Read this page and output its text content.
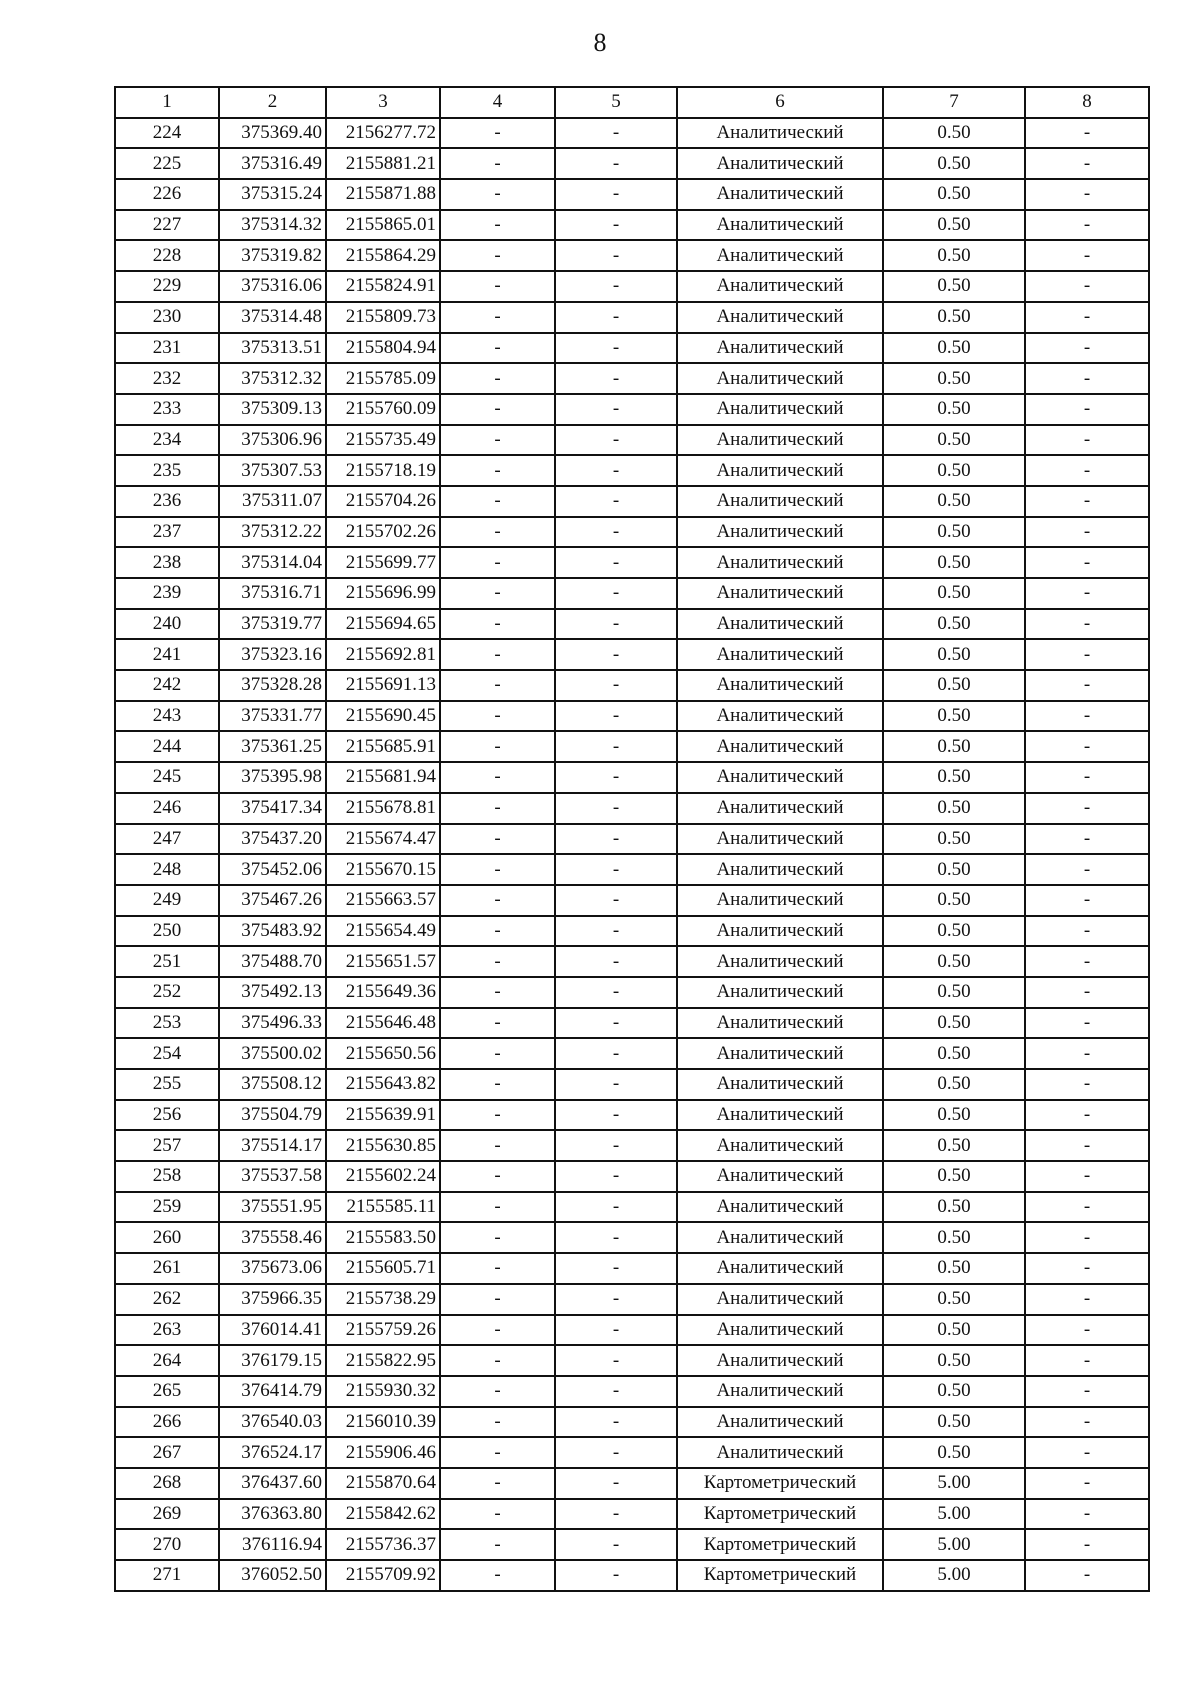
8
1	2	3	4	5	6	7	8
224	375369.40	2156277.72	-	-	Аналитический	0.50	-
225	375316.49	2155881.21	-	-	Аналитический	0.50	-
226	375315.24	2155871.88	-	-	Аналитический	0.50	-
227	375314.32	2155865.01	-	-	Аналитический	0.50	-
228	375319.82	2155864.29	-	-	Аналитический	0.50	-
229	375316.06	2155824.91	-	-	Аналитический	0.50	-
230	375314.48	2155809.73	-	-	Аналитический	0.50	-
231	375313.51	2155804.94	-	-	Аналитический	0.50	-
232	375312.32	2155785.09	-	-	Аналитический	0.50	-
233	375309.13	2155760.09	-	-	Аналитический	0.50	-
234	375306.96	2155735.49	-	-	Аналитический	0.50	-
235	375307.53	2155718.19	-	-	Аналитический	0.50	-
236	375311.07	2155704.26	-	-	Аналитический	0.50	-
237	375312.22	2155702.26	-	-	Аналитический	0.50	-
238	375314.04	2155699.77	-	-	Аналитический	0.50	-
239	375316.71	2155696.99	-	-	Аналитический	0.50	-
240	375319.77	2155694.65	-	-	Аналитический	0.50	-
241	375323.16	2155692.81	-	-	Аналитический	0.50	-
242	375328.28	2155691.13	-	-	Аналитический	0.50	-
243	375331.77	2155690.45	-	-	Аналитический	0.50	-
244	375361.25	2155685.91	-	-	Аналитический	0.50	-
245	375395.98	2155681.94	-	-	Аналитический	0.50	-
246	375417.34	2155678.81	-	-	Аналитический	0.50	-
247	375437.20	2155674.47	-	-	Аналитический	0.50	-
248	375452.06	2155670.15	-	-	Аналитический	0.50	-
249	375467.26	2155663.57	-	-	Аналитический	0.50	-
250	375483.92	2155654.49	-	-	Аналитический	0.50	-
251	375488.70	2155651.57	-	-	Аналитический	0.50	-
252	375492.13	2155649.36	-	-	Аналитический	0.50	-
253	375496.33	2155646.48	-	-	Аналитический	0.50	-
254	375500.02	2155650.56	-	-	Аналитический	0.50	-
255	375508.12	2155643.82	-	-	Аналитический	0.50	-
256	375504.79	2155639.91	-	-	Аналитический	0.50	-
257	375514.17	2155630.85	-	-	Аналитический	0.50	-
258	375537.58	2155602.24	-	-	Аналитический	0.50	-
259	375551.95	2155585.11	-	-	Аналитический	0.50	-
260	375558.46	2155583.50	-	-	Аналитический	0.50	-
261	375673.06	2155605.71	-	-	Аналитический	0.50	-
262	375966.35	2155738.29	-	-	Аналитический	0.50	-
263	376014.41	2155759.26	-	-	Аналитический	0.50	-
264	376179.15	2155822.95	-	-	Аналитический	0.50	-
265	376414.79	2155930.32	-	-	Аналитический	0.50	-
266	376540.03	2156010.39	-	-	Аналитический	0.50	-
267	376524.17	2155906.46	-	-	Аналитический	0.50	-
268	376437.60	2155870.64	-	-	Картометрический	5.00	-
269	376363.80	2155842.62	-	-	Картометрический	5.00	-
270	376116.94	2155736.37	-	-	Картометрический	5.00	-
271	376052.50	2155709.92	-	-	Картометрический	5.00	-
